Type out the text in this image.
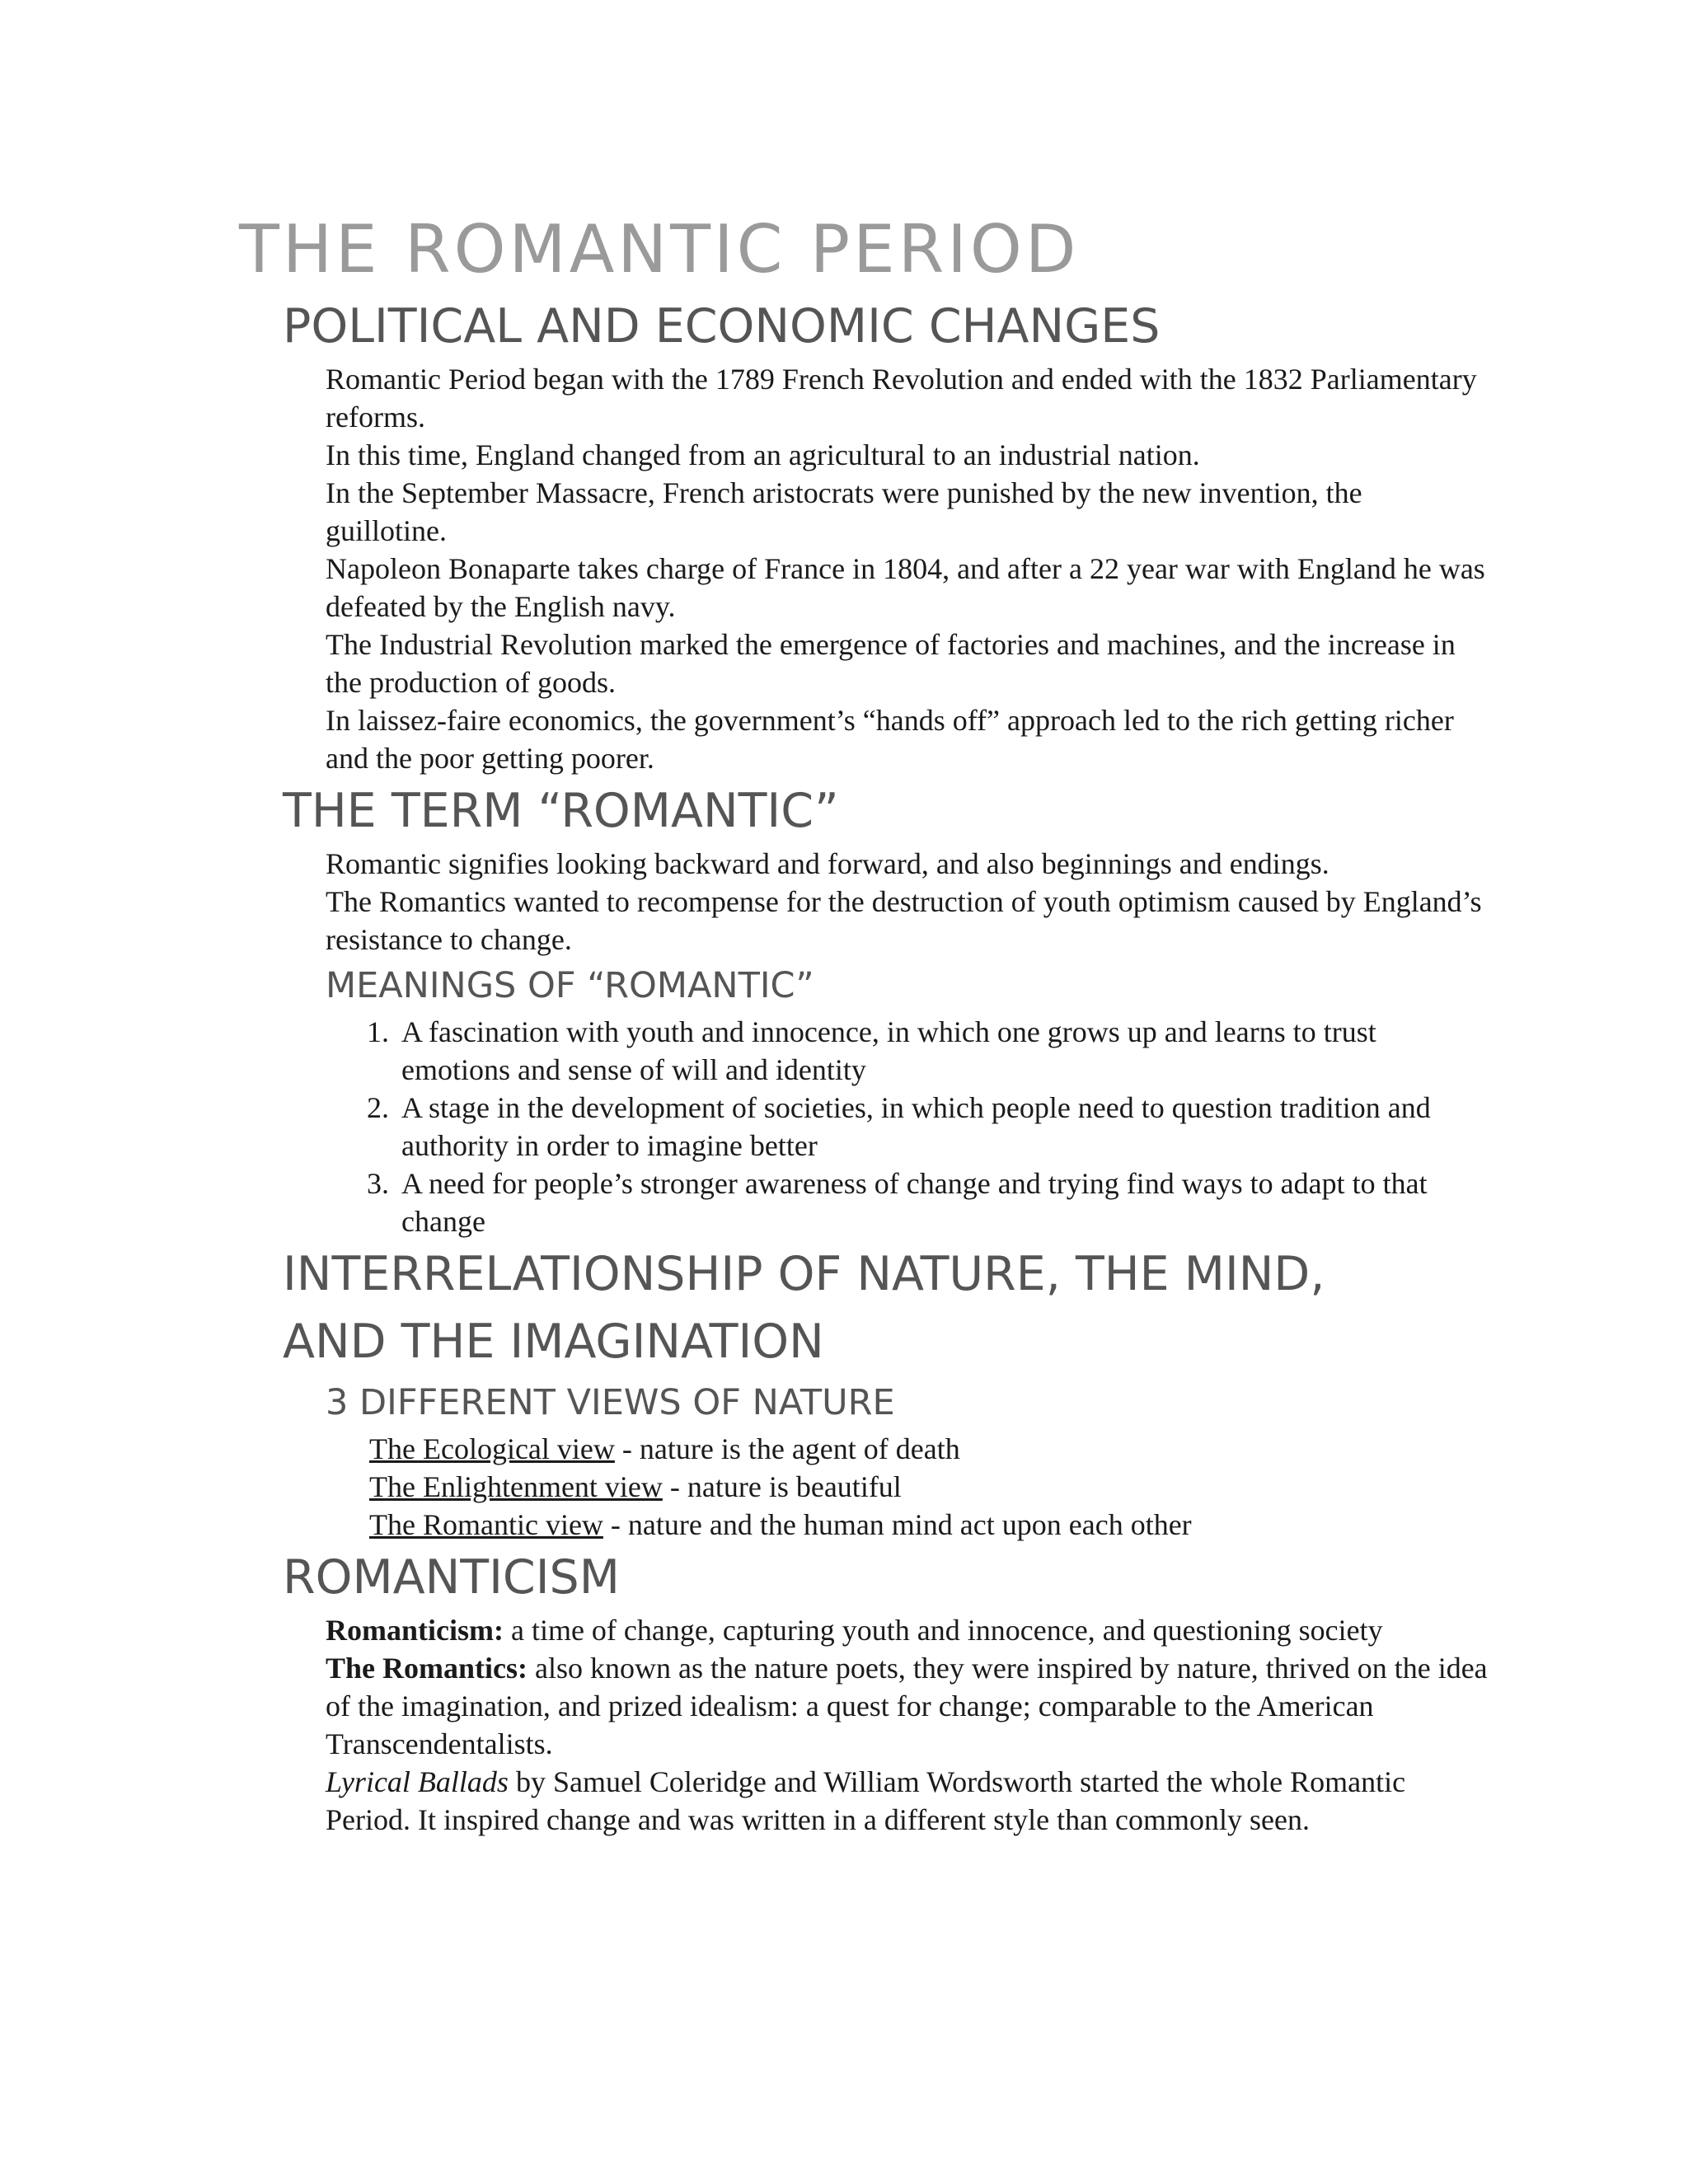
THE ROMANTIC PERIOD
POLITICAL AND ECONOMIC CHANGES

Romantic Period began with the 1789 French Revolution and ended with the 1832 Parliamentary reforms.

In this time, England changed from an agricultural to an industrial nation.

In the September Massacre, French aristocrats were punished by the new invention, the guillotine.

Napoleon Bonaparte takes charge of France in 1804, and after a 22 year war with England he was defeated by the English navy.

The Industrial Revolution marked the emergence of factories and machines, and the increase in the production of goods.

In laissez-faire economics, the government’s “hands off” approach led to the rich getting richer and the poor getting poorer.

THE TERM “ROMANTIC”

Romantic signifies looking backward and forward, and also beginnings and endings.

The Romantics wanted to recompense for the destruction of youth optimism caused by England’s resistance to change.

MEANINGS OF “ROMANTIC”
1. A fascination with youth and innocence, in which one grows up and learns to trust emotions and sense of will and identity
2. A stage in the development of societies, in which people need to question tradition and authority in order to imagine better
3. A need for people’s stronger awareness of change and trying find ways to adapt to that change
INTERRELATIONSHIP OF NATURE, THE MIND,
AND THE IMAGINATION
3 DIFFERENT VIEWS OF NATURE

The Ecological view - nature is the agent of death

The Enlightenment view - nature is beautiful

The Romantic view - nature and the human mind act upon each other

ROMANTICISM

Romanticism: a time of change, capturing youth and innocence, and questioning society

The Romantics: also known as the nature poets, they were inspired by nature, thrived on the idea of the imagination, and prized idealism: a quest for change; comparable to the American Transcendentalists.

Lyrical Ballads by Samuel Coleridge and William Wordsworth started the whole Romantic Period. It inspired change and was written in a different style than commonly seen.
